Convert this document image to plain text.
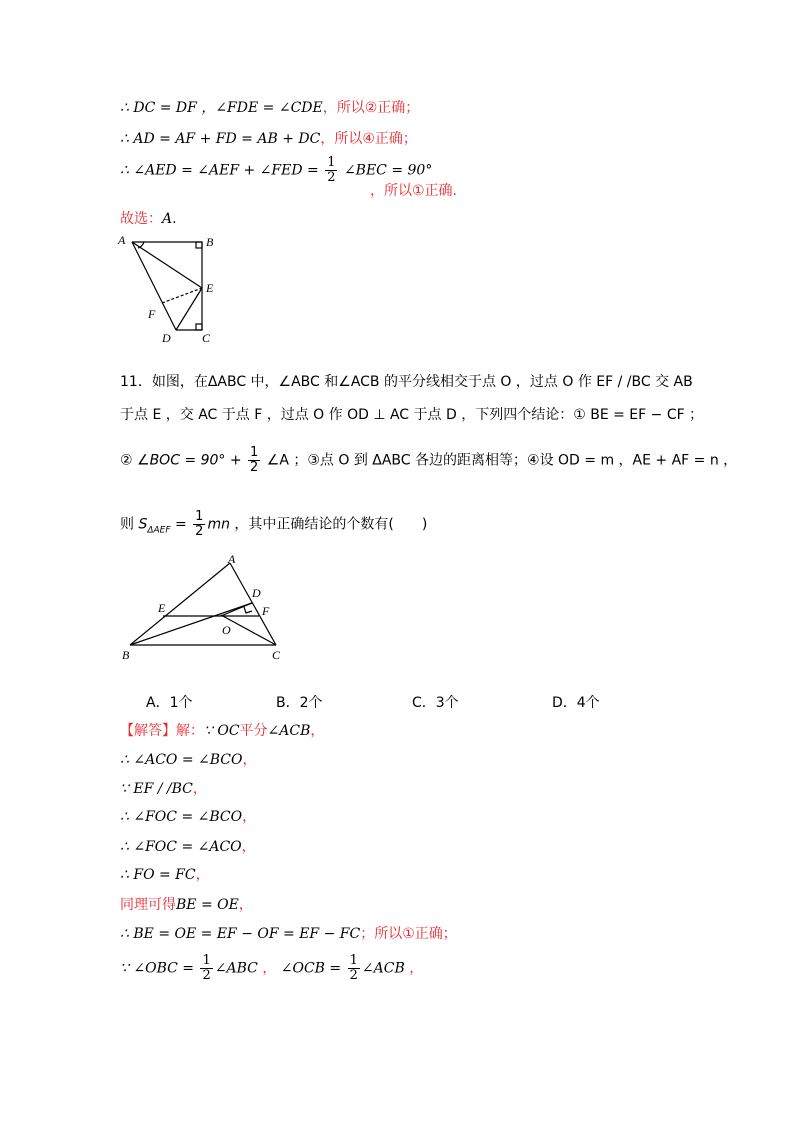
∴ DC = DF ，∠FDE = ∠CDE，所以②正确；
∴ AD = AF + FD = AB + DC，所以④正确；
∴ ∠AED = ∠AEF + ∠FED = $\frac{1}{2}$ ∠BEC = 90°
，所以①正确.
故选：A.
A	B
E
F
D	C
11．如图，在ΔABC 中，∠ABC 和∠ACB 的平分线相交于点 O ，过点 O 作 EF / /BC 交 AB
于点 E ，交 AC 于点 F ，过点 O 作 OD ⊥ AC 于点 D ，下列四个结论：① BE = EF − CF ；
② ∠BOC = $90^\circ + \frac{1}{2}$ ∠A ；③点 O 到 ΔABC 各边的距离相等；④设 OD = m ，AE + AF = n ，
则 $S_{\Delta AEF} = \frac{1}{2}$ mn ，其中正确结论的个数有(　　)
A
D
E	F
O
B	C
A．1个	B．2个	C．3个	D．4个
【解答】解：∵ OC平分∠ACB，
∴ ∠ACO = ∠BCO，
∵ EF / /BC，
∴ ∠FOC = ∠BCO，
∴ ∠FOC = ∠ACO，
∴ FO = FC，
同理可得BE = OE，
∴ BE = OE = EF − OF = EF − FC；所以①正确；
∵ ∠OBC = $\frac{1}{2}$ ∠ABC ， ∠OCB = $\frac{1}{2}$ ∠ACB ，
